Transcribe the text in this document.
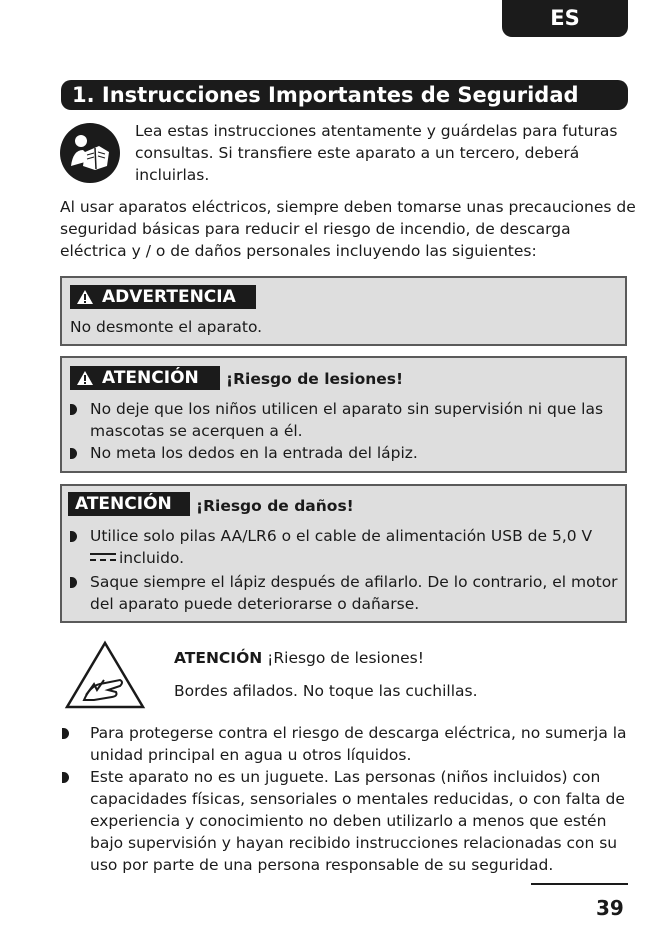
ES
1. Instrucciones Importantes de Seguridad

Lea estas instrucciones atentamente y guárdelas para futuras consultas. Si transfiere este aparato a un tercero, deberá incluirlas.

Al usar aparatos eléctricos, siempre deben tomarse unas precauciones de seguridad básicas para reducir el riesgo de incendio, de descarga eléctrica y / o de daños personales incluyendo las siguientes:

ADVERTENCIA

No desmonte el aparato.

ATENCIÓN	¡Riesgo de lesiones!
No deje que los niños utilicen el aparato sin supervisión ni que las mascotas se acerquen a él.
No meta los dedos en la entrada del lápiz.
ATENCIÓN	¡Riesgo de daños!
Utilice solo pilas AA/LR6 o el cable de alimentación USB de 5,0 V
incluido.
Saque siempre el lápiz después de afilarlo. De lo contrario, el motor del aparato puede deteriorarse o dañarse.
ATENCIÓN ¡Riesgo de lesiones!
Bordes afilados. No toque las cuchillas.
Para protegerse contra el riesgo de descarga eléctrica, no sumerja la unidad principal en agua u otros líquidos.
Este aparato no es un juguete. Las personas (niños incluidos) con capacidades físicas, sensoriales o mentales reducidas, o con falta de experiencia y conocimiento no deben utilizarlo a menos que estén bajo supervisión y hayan recibido instrucciones relacionadas con su uso por parte de una persona responsable de su seguridad.
39
